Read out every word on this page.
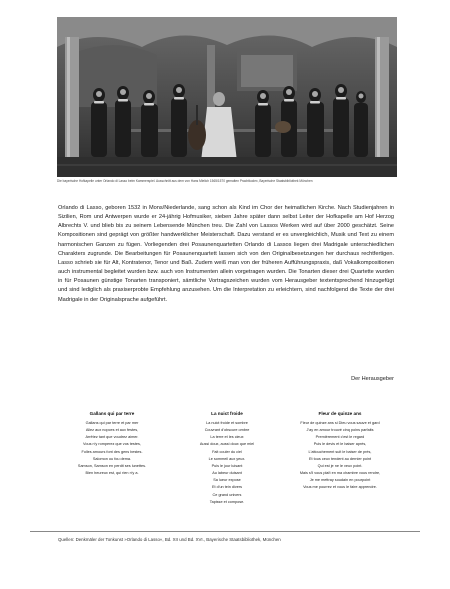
Die bayerische Hofkapelle unter Orlando di Lasso beim Kammerspiel. Ausschnitt aus dem von Hans Mielich 1565/1570 gemalten Prachtkodex, Bayerische Staatsbibliothek München

Orlando di Lasso, geboren 1532 in Mons/Niederlande, sang schon als Kind im Chor der heimatlichen Kirche. Nach Studienjahren in Sizilien, Rom und Antwerpen wurde er 24-jährig Hofmusiker, sieben Jahre später dann selbst Leiter der Hofkapelle am Hof Herzog Albrechts V. und blieb bis zu seinem Lebensende München treu. Die Zahl von Lassos Werken wird auf über 2000 geschätzt. Seine Kompositionen sind geprägt von größter handwerklicher Meisterschaft. Dazu verstand er es unvergleichlich, Musik und Text zu einem harmonischen Ganzen zu fügen. Vorliegenden drei Posaunenquartetten Orlando di Lassos liegen drei Madrigale unterschiedlichen Charakters zugrunde. Die Bearbeitungen für Posaunenquartett lassen sich von den Originalbesetzungen her durchaus rechtfertigen. Lasso schrieb sie für Alt, Kontratenor, Tenor und Baß. Zudem weiß man von der früheren Aufführungspraxis, daß Vokalkompositionen auch instrumental begleitet wurden bzw. auch von Instrumenten allein vorgetragen wurden. Die Tonarten dieser drei Quartette wurden in für Posaunen günstige Tonarten transponiert, sämtliche Vortragszeichen wurden vom Herausgeber textentsprechend hinzugefügt und sind lediglich als praxiserprobte Empfehlung anzusehen. Um die Interpretation zu erleichtern, sind nachfolgend die Texte der drei Madrigale in der Originalsprache aufgeführt.

Der Herausgeber
Gallans qui par terre
Gallans qui par terre et par mer
Allez aux nopces et aux festes,
Arrêtez tant que voudrez aimer.
Vous n'y romperez que vos testes,
Folles amours font des gens bestes.
Salomon ou fou dema.
Samson, Samson en perdit ses lunettes.
Bien heureux est, qui rien n'y a.
La nuict froide
La nuict froide et sombre
Couvrant d'obscure ombre
La terre et les cieux
Aussi doux, aussi doux que miel
Fait couler du ciel
Le sommeil aux yeux.
Puis le jour luisant
Au labeur duisant
Sa lueur expose
Et d'un tein divers
Ce grand univers
Tapisse et compose.
Fleur de quinze ans
Fleur de quinze ans si Dieu vous sauve et gard
J'ay en amour trouvé cinq poins parfaits
Premièrement c'est le regard
Puis le devis et le baiser après,
L'attouchement suit le baiser de près,
Et tous ceux tendent au dernier point
Qui est je ne le veux point.
Mais s'il vous plaît en ma chambre vous rendre,
Je me mettray soudain en pourpoint
Vous me pourrez et vous le faire apprendre.
Quellen: Denkmäler der Tonkunst »Orlando di Lasso«, Bd. XII und Bd. XVI., Bayerische Staatsbibliothek, München
